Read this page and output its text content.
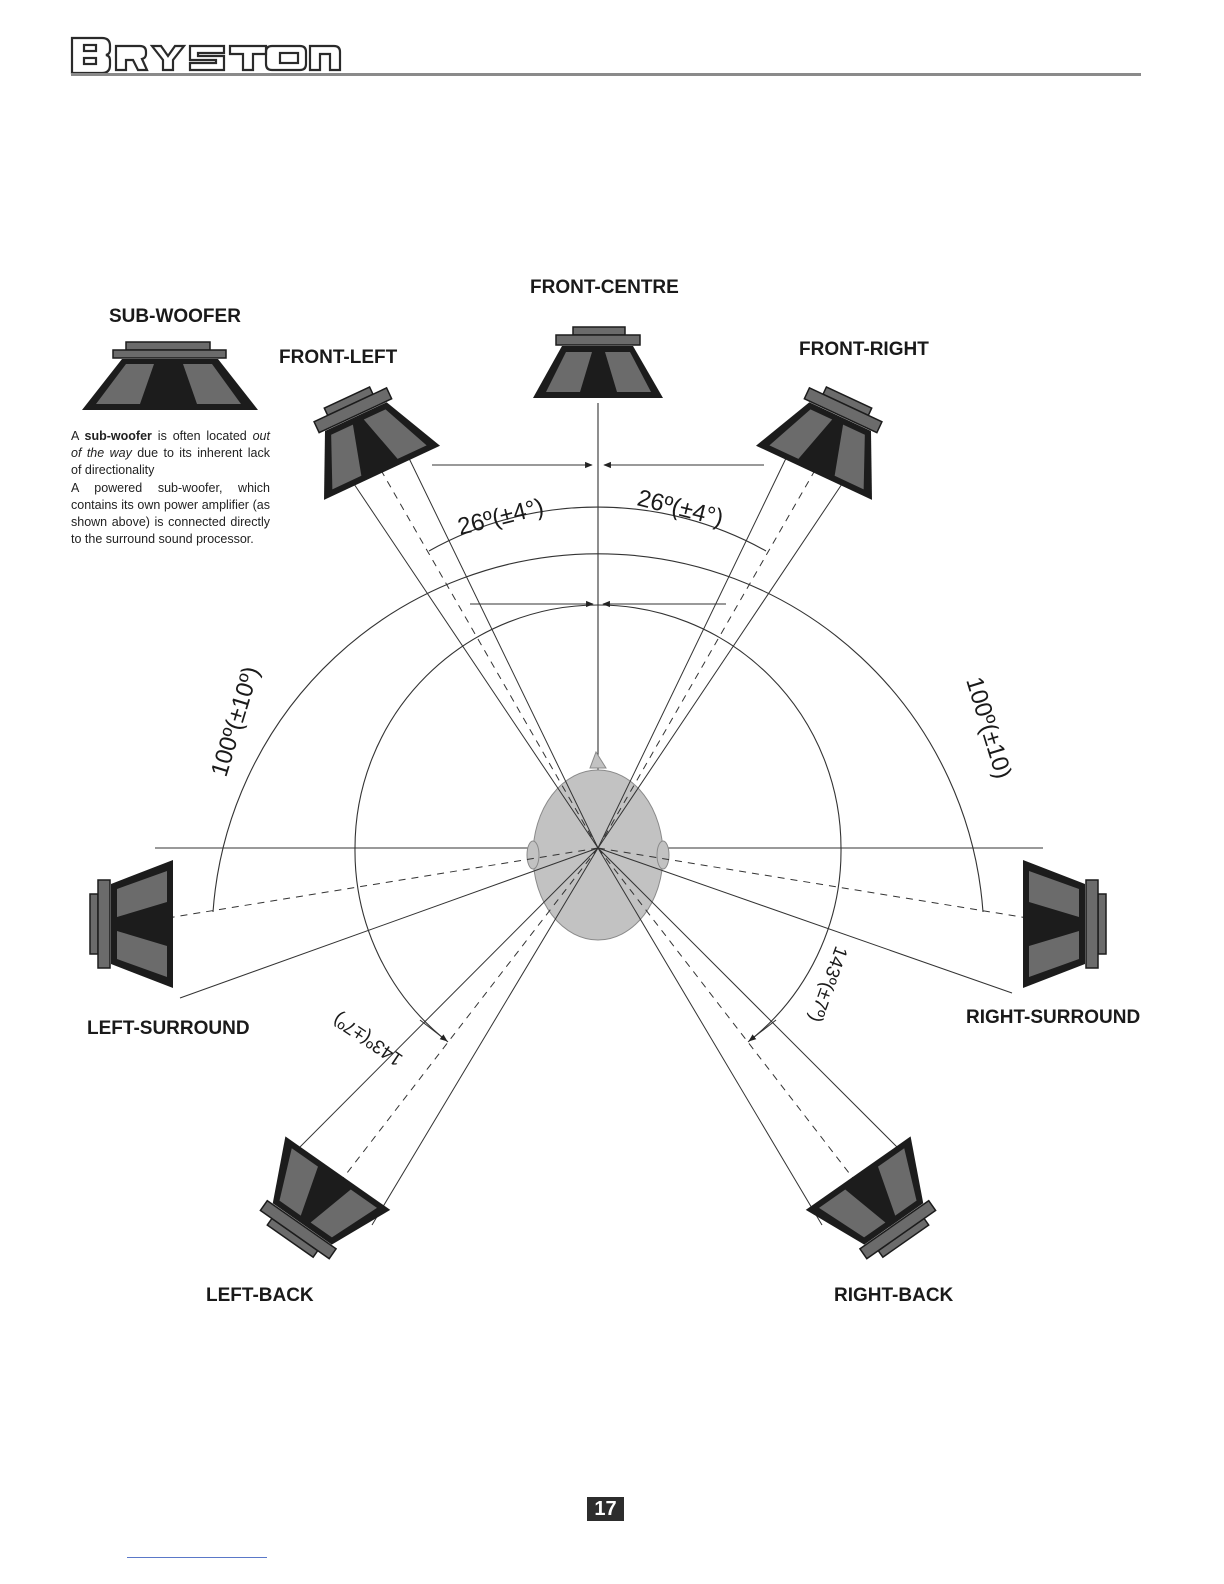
26º(±4°)	26º(±4°)
100º(±10º)	100º(±10)
143º(±7º)
143º(±7º)
SUB-WOOFER
FRONT-CENTRE
FRONT-LEFT	FRONT-RIGHT
LEFT-SURROUND
RIGHT-SURROUND
LEFT-BACK	RIGHT-BACK

A sub-woofer is often located out of the way due to its inherent lack of directionality

A powered sub-woofer, which contains its own power amplifier (as shown above) is connected directly to the surround sound processor.

17
